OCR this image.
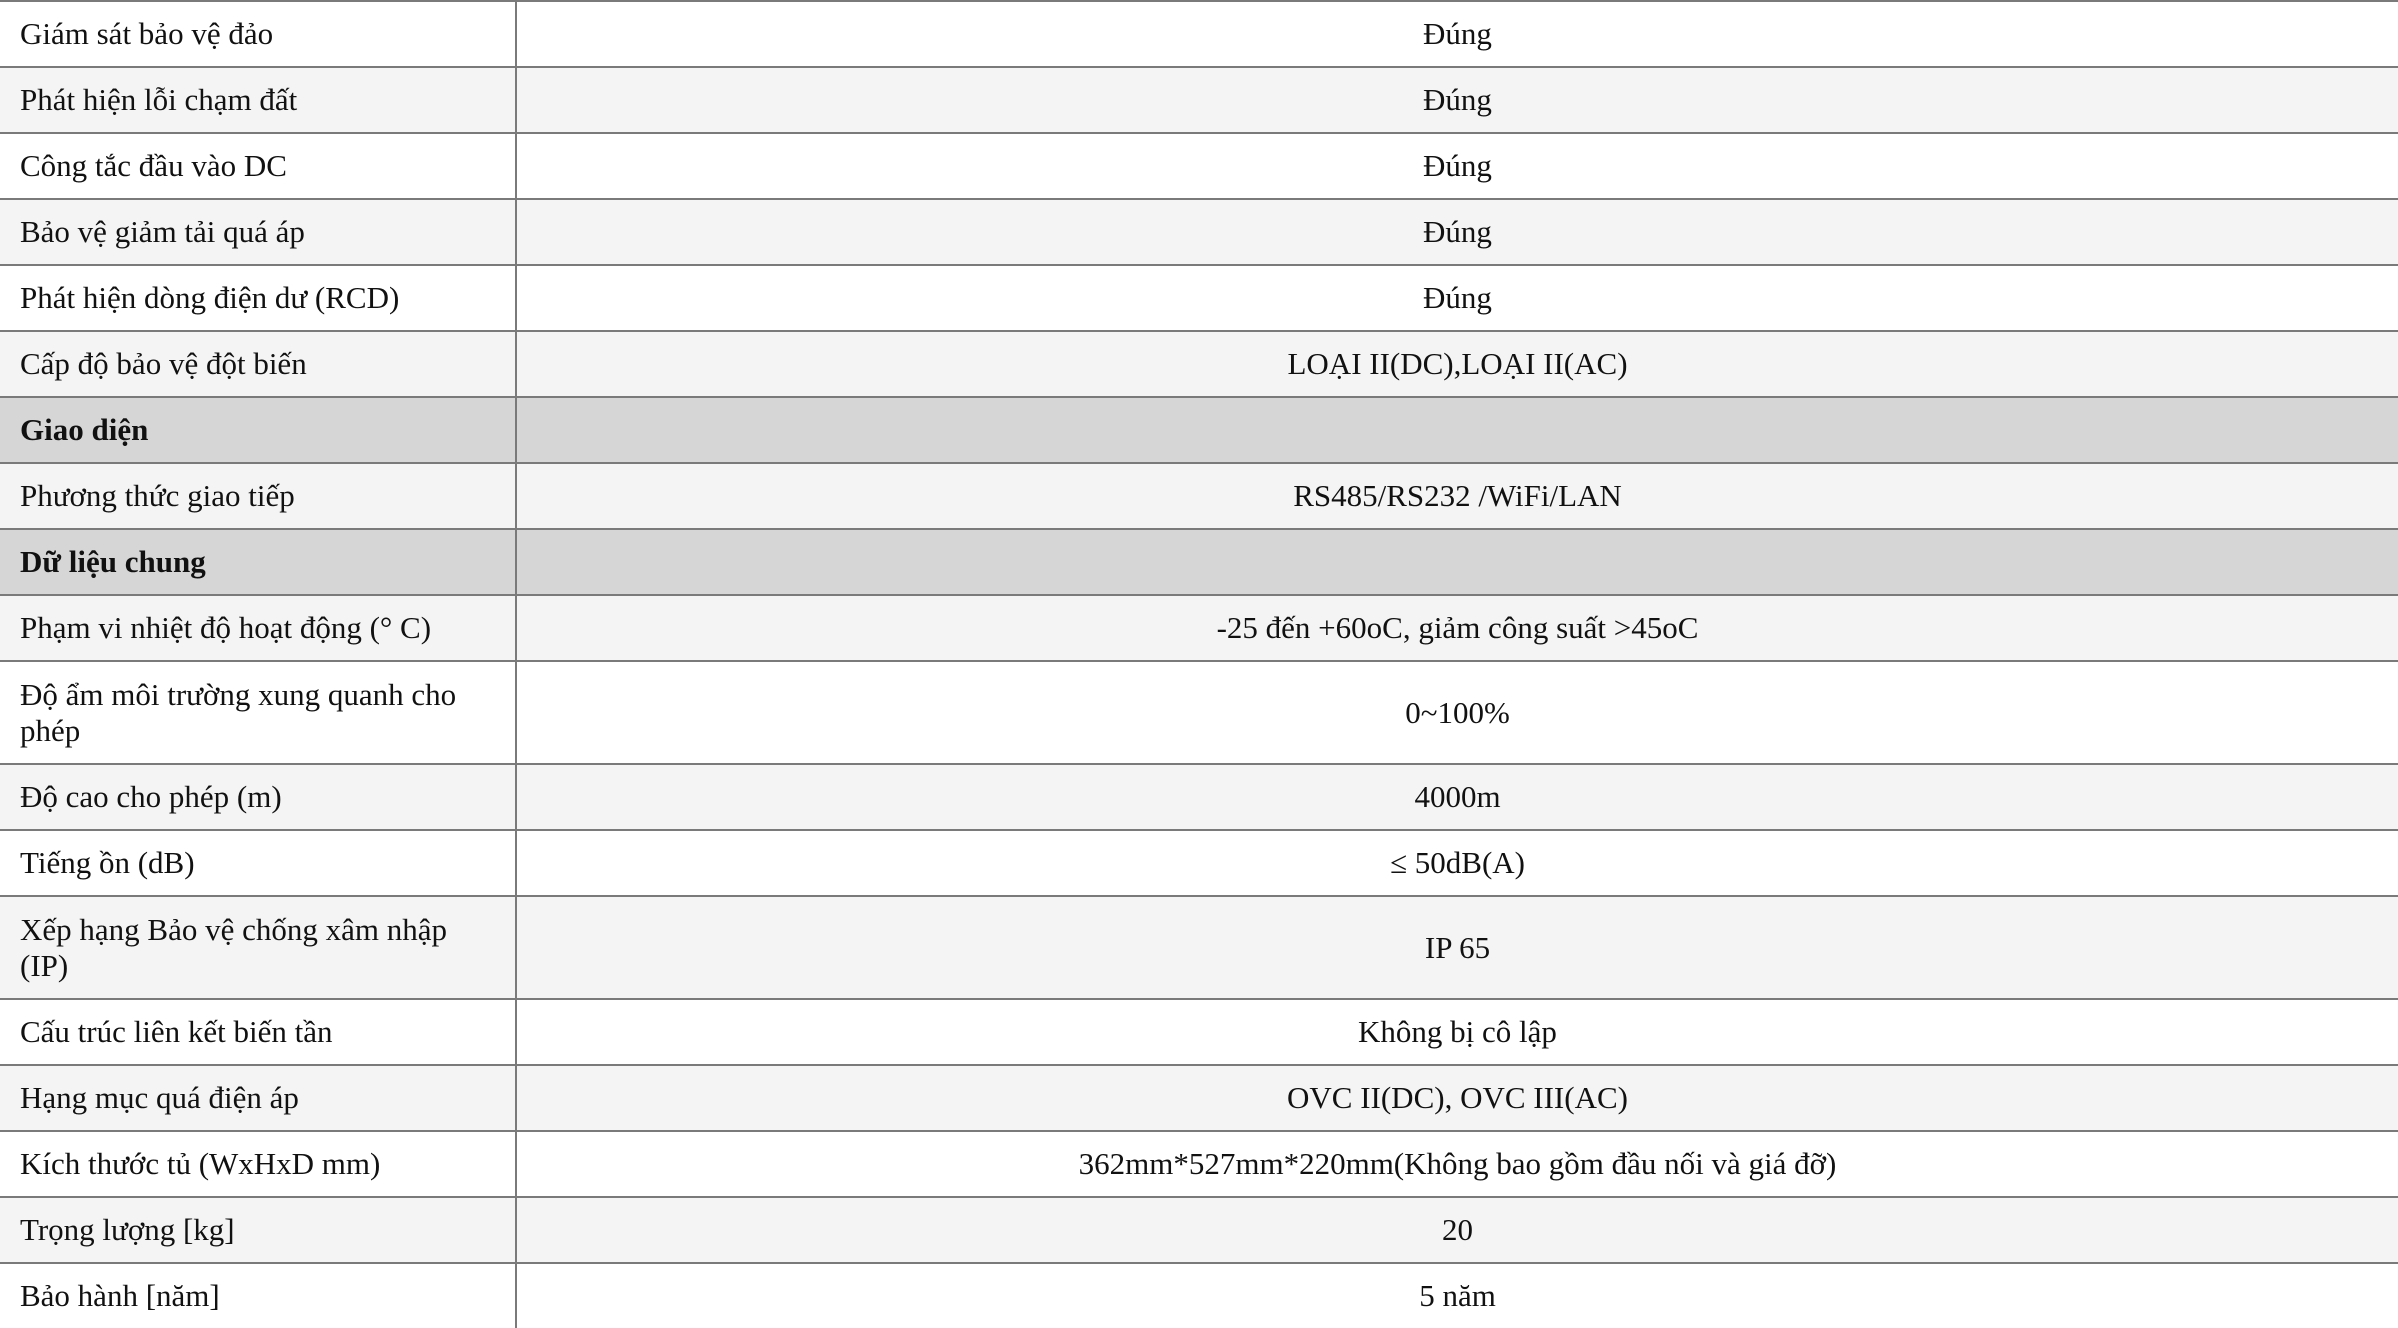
Giám sát bảo vệ đảo	Đúng
Phát hiện lỗi chạm đất	Đúng
Công tắc đầu vào DC	Đúng
Bảo vệ giảm tải quá áp	Đúng
Phát hiện dòng điện dư (RCD)	Đúng
Cấp độ bảo vệ đột biến	LOẠI II(DC),LOẠI II(AC)
Giao diện	
Phương thức giao tiếp	RS485/RS232 /WiFi/LAN
Dữ liệu chung	
Phạm vi nhiệt độ hoạt động (° C)	-25 đến +60oC, giảm công suất >45oC
Độ ẩm môi trường xung quanh cho phép	0~100%
Độ cao cho phép (m)	4000m
Tiếng ồn (dB)	≤ 50dB(A)
Xếp hạng Bảo vệ chống xâm nhập (IP)	IP 65
Cấu trúc liên kết biến tần	Không bị cô lập
Hạng mục quá điện áp	OVC II(DC), OVC III(AC)
Kích thước tủ (WxHxD mm)	362mm*527mm*220mm(Không bao gồm đầu nối và giá đỡ)
Trọng lượng [kg]	20
Bảo hành [năm]	5 năm
